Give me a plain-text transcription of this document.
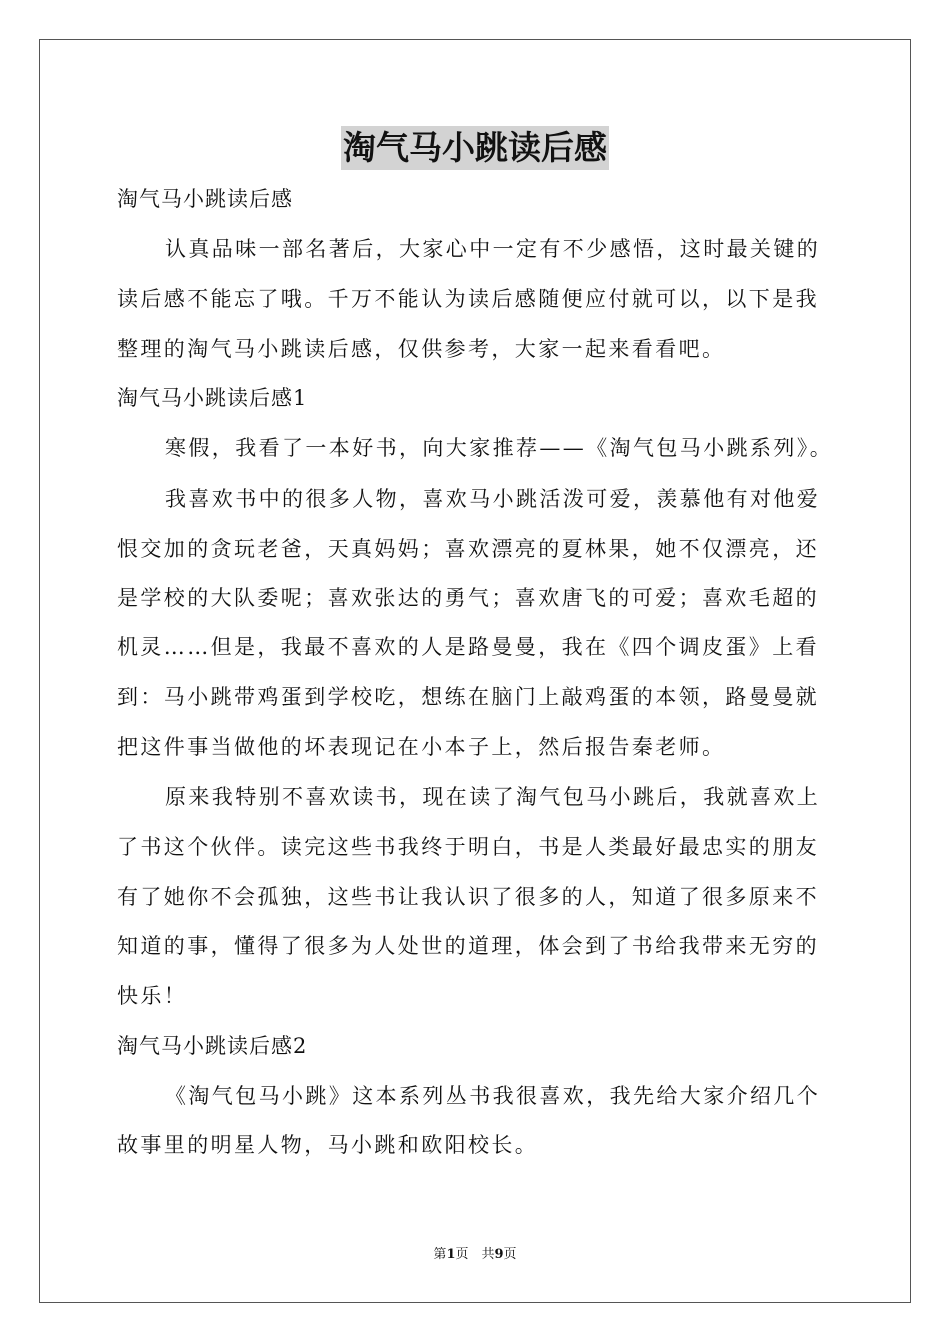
淘气马小跳读后感
淘气马小跳读后感
认真品味一部名著后，大家心中一定有不少感悟，这时最关键的
读后感不能忘了哦。千万不能认为读后感随便应付就可以，以下是我
整理的淘气马小跳读后感，仅供参考，大家一起来看看吧。
淘气马小跳读后感1
寒假，我看了一本好书，向大家推荐——《淘气包马小跳系列》。
我喜欢书中的很多人物，喜欢马小跳活泼可爱，羡慕他有对他爱
恨交加的贪玩老爸，天真妈妈；喜欢漂亮的夏林果，她不仅漂亮，还
是学校的大队委呢；喜欢张达的勇气；喜欢唐飞的可爱；喜欢毛超的
机灵……但是，我最不喜欢的人是路曼曼，我在《四个调皮蛋》上看
到：马小跳带鸡蛋到学校吃，想练在脑门上敲鸡蛋的本领，路曼曼就
把这件事当做他的坏表现记在小本子上，然后报告秦老师。
原来我特别不喜欢读书，现在读了淘气包马小跳后，我就喜欢上
了书这个伙伴。读完这些书我终于明白，书是人类最好最忠实的朋友
有了她你不会孤独，这些书让我认识了很多的人，知道了很多原来不
知道的事，懂得了很多为人处世的道理，体会到了书给我带来无穷的
快乐！
淘气马小跳读后感2
《淘气包马小跳》这本系列丛书我很喜欢，我先给大家介绍几个
故事里的明星人物，马小跳和欧阳校长。
第1页　共9页
